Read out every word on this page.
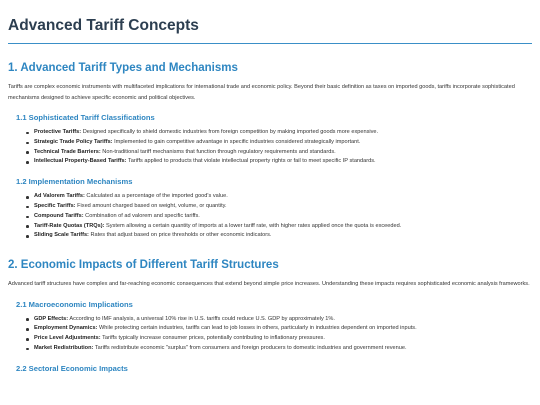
Advanced Tariff Concepts
1. Advanced Tariff Types and Mechanisms

Tariffs are complex economic instruments with multifaceted implications for international trade and economic policy. Beyond their basic definition as taxes on imported goods, tariffs incorporate sophisticated mechanisms designed to achieve specific economic and political objectives.

1.1 Sophisticated Tariff Classifications
Protective Tariffs: Designed specifically to shield domestic industries from foreign competition by making imported goods more expensive.
Strategic Trade Policy Tariffs: Implemented to gain competitive advantage in specific industries considered strategically important.
Technical Trade Barriers: Non-traditional tariff mechanisms that function through regulatory requirements and standards.
Intellectual Property-Based Tariffs: Tariffs applied to products that violate intellectual property rights or fail to meet specific IP standards.
1.2 Implementation Mechanisms
Ad Valorem Tariffs: Calculated as a percentage of the imported good's value.
Specific Tariffs: Fixed amount charged based on weight, volume, or quantity.
Compound Tariffs: Combination of ad valorem and specific tariffs.
Tariff-Rate Quotas (TRQs): System allowing a certain quantity of imports at a lower tariff rate, with higher rates applied once the quota is exceeded.
Sliding Scale Tariffs: Rates that adjust based on price thresholds or other economic indicators.
2. Economic Impacts of Different Tariff Structures

Advanced tariff structures have complex and far-reaching economic consequences that extend beyond simple price increases. Understanding these impacts requires sophisticated economic analysis frameworks.

2.1 Macroeconomic Implications
GDP Effects: According to IMF analysis, a universal 10% rise in U.S. tariffs could reduce U.S. GDP by approximately 1%.
Employment Dynamics: While protecting certain industries, tariffs can lead to job losses in others, particularly in industries dependent on imported inputs.
Price Level Adjustments: Tariffs typically increase consumer prices, potentially contributing to inflationary pressures.
Market Redistribution: Tariffs redistribute economic "surplus" from consumers and foreign producers to domestic industries and government revenue.
2.2 Sectoral Economic Impacts
